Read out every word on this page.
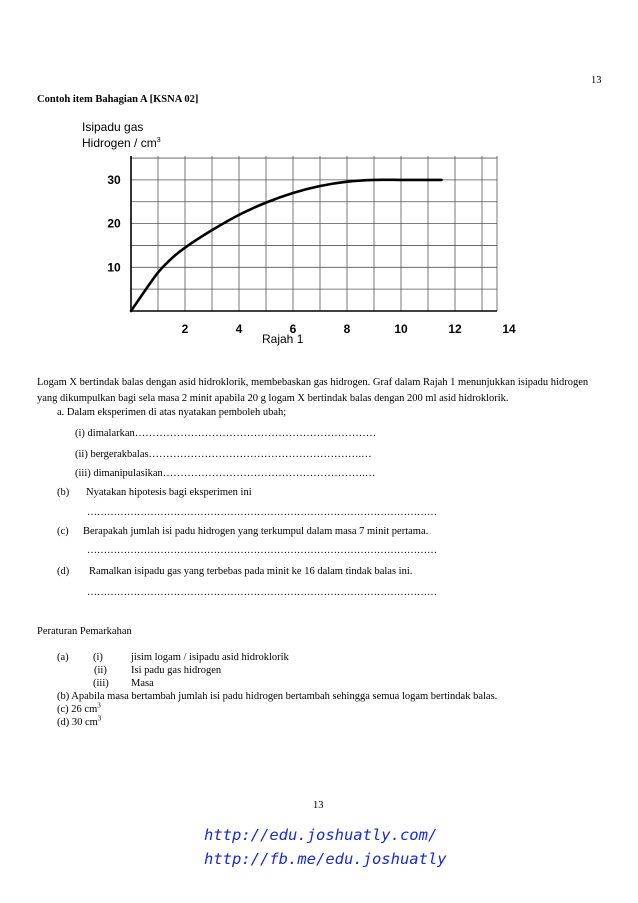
13
Contoh item Bahagian A [KSNA 02]
Isipadu gas
Hidrogen / $cm^3$
2	4	6	8	10	12	14
10
20
30
Rajah 1
Logam X bertindak balas dengan asid hidroklorik, membebaskan gas hidrogen. Graf dalam Rajah 1 menunjukkan isipadu hidrogen yang dikumpulkan bagi sela masa 2 minit apabila 20 g logam X bertindak balas dengan 200 ml asid hidroklorik.
a. Dalam eksperimen di atas nyatakan pemboleh ubah;
(i) dimalarkan……………………………………………………………
(ii) bergerakbalas…………………………………………………….…
(iii) dimanipulasikan………………………………………………….…
(b) Nyatakan hipotesis bagi eksperimen ini
……………………………………………………………………………………………
(c) Berapakah jumlah isi padu hidrogen yang terkumpul dalam masa 7 minit pertama.
……………………………………………………………………………………………
(d) Ramalkan isipadu gas yang terbebas pada minit ke 16 dalam tindak balas ini.
……………………………………………………………………………………………
Peraturan Pemarkahan
(a) (i)	jisim logam / isipadu asid hidroklorik
(ii) Isi padu gas hidrogen
(iii) Masa
(b) Apabila masa bertambah jumlah isi padu hidrogen bertambah sehingga semua logam bertindak balas.
(c) 26 $cm^3$
(d) 30 $cm^3$
13
http://edu.joshuatly.com/
http://fb.me/edu.joshuatly
